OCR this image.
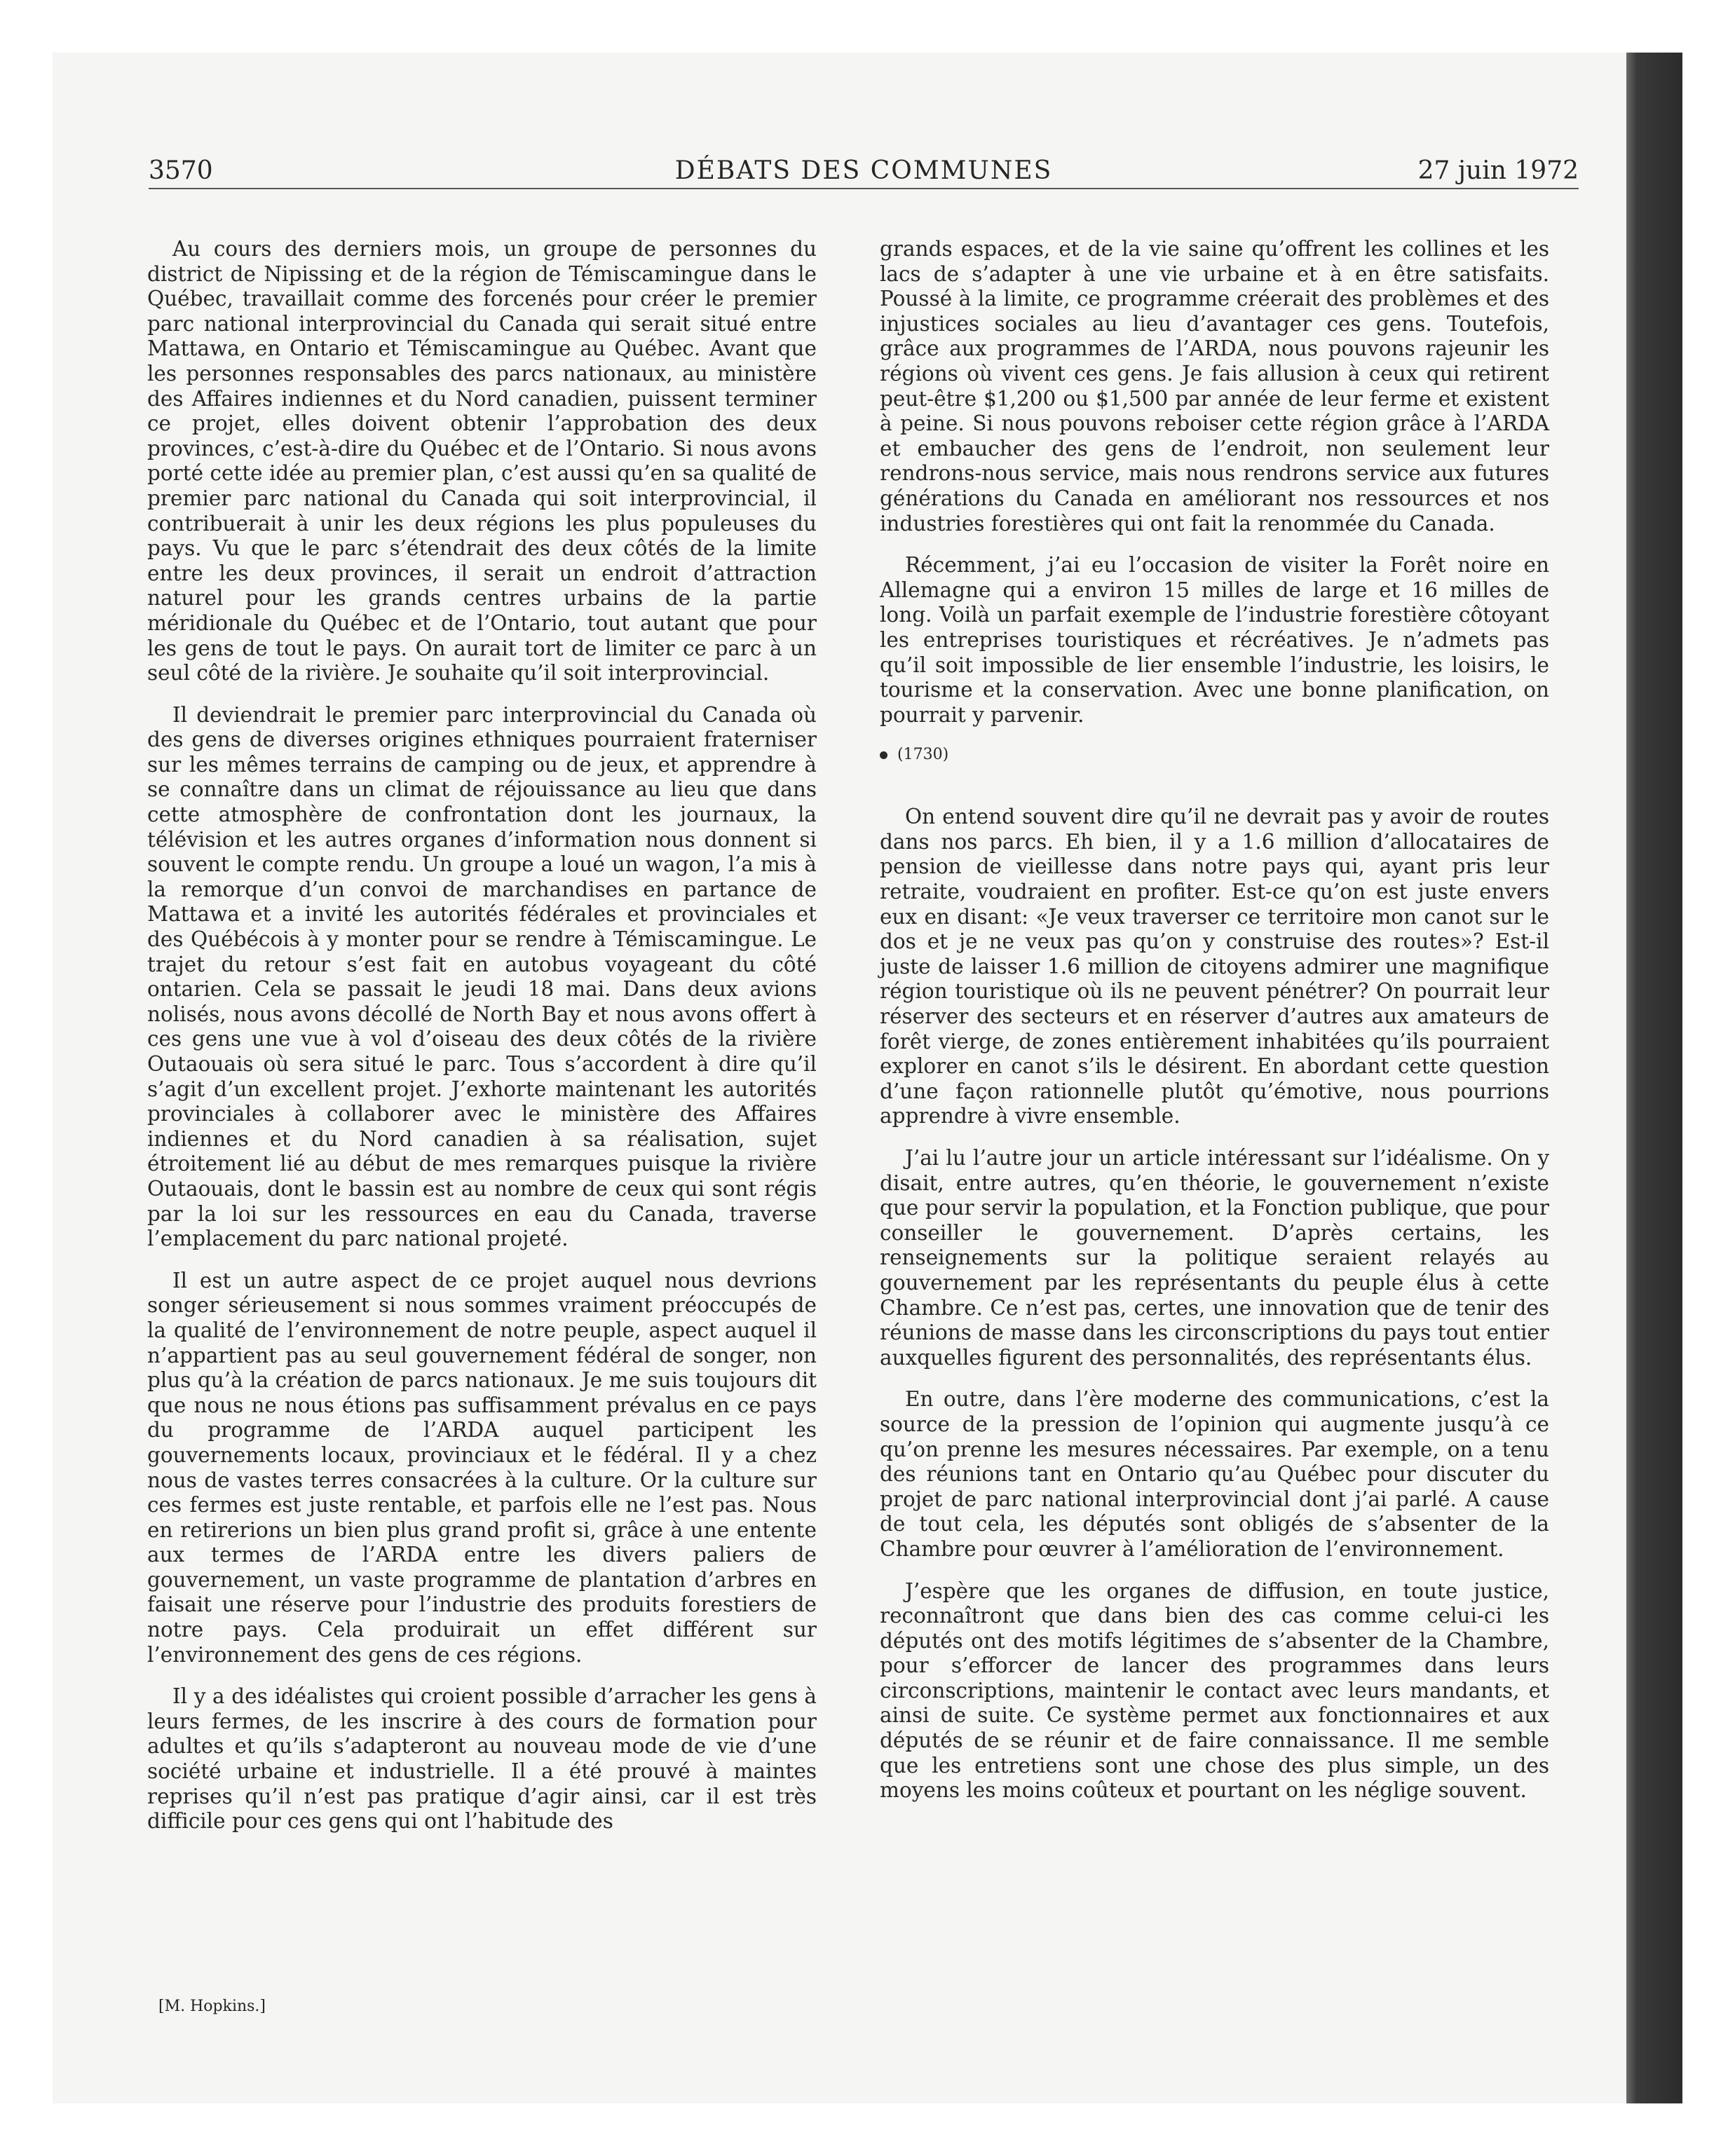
3570	DÉBATS DES COMMUNES	27 juin 1972

Au cours des derniers mois, un groupe de personnes du district de Nipissing et de la région de Témiscamingue dans le Québec, travaillait comme des forcenés pour créer le premier parc national interprovincial du Canada qui serait situé entre Mattawa, en Ontario et Témiscamingue au Québec. Avant que les personnes responsables des parcs nationaux, au ministère des Affaires indiennes et du Nord canadien, puissent terminer ce projet, elles doivent obtenir l’approbation des deux provinces, c’est-à-dire du Québec et de l’Ontario. Si nous avons porté cette idée au premier plan, c’est aussi qu’en sa qualité de premier parc national du Canada qui soit interprovincial, il contribuerait à unir les deux régions les plus populeuses du pays. Vu que le parc s’étendrait des deux côtés de la limite entre les deux provinces, il serait un endroit d’attraction naturel pour les grands centres urbains de la partie méridionale du Québec et de l’Ontario, tout autant que pour les gens de tout le pays. On aurait tort de limiter ce parc à un seul côté de la rivière. Je souhaite qu’il soit interprovincial.

Il deviendrait le premier parc interprovincial du Canada où des gens de diverses origines ethniques pourraient fraterniser sur les mêmes terrains de camping ou de jeux, et apprendre à se connaître dans un climat de réjouissance au lieu que dans cette atmosphère de confrontation dont les journaux, la télévision et les autres organes d’information nous donnent si souvent le compte rendu. Un groupe a loué un wagon, l’a mis à la remorque d’un convoi de marchandises en partance de Mattawa et a invité les autorités fédérales et provinciales et des Québécois à y monter pour se rendre à Témiscamingue. Le trajet du retour s’est fait en autobus voyageant du côté ontarien. Cela se passait le jeudi 18 mai. Dans deux avions nolisés, nous avons décollé de North Bay et nous avons offert à ces gens une vue à vol d’oiseau des deux côtés de la rivière Outaouais où sera situé le parc. Tous s’accordent à dire qu’il s’agit d’un excellent projet. J’exhorte maintenant les autorités provinciales à collaborer avec le ministère des Affaires indiennes et du Nord canadien à sa réalisation, sujet étroitement lié au début de mes remarques puisque la rivière Outaouais, dont le bassin est au nombre de ceux qui sont régis par la loi sur les ressources en eau du Canada, traverse l’emplacement du parc national projeté.

Il est un autre aspect de ce projet auquel nous devrions songer sérieusement si nous sommes vraiment préoccupés de la qualité de l’environnement de notre peuple, aspect auquel il n’appartient pas au seul gouvernement fédéral de songer, non plus qu’à la création de parcs nationaux. Je me suis toujours dit que nous ne nous étions pas suffisamment prévalus en ce pays du programme de l’ARDA auquel participent les gouvernements locaux, provinciaux et le fédéral. Il y a chez nous de vastes terres consacrées à la culture. Or la culture sur ces fermes est juste rentable, et parfois elle ne l’est pas. Nous en retirerions un bien plus grand profit si, grâce à une entente aux termes de l’ARDA entre les divers paliers de gouvernement, un vaste programme de plantation d’arbres en faisait une réserve pour l’industrie des produits forestiers de notre pays. Cela produirait un effet différent sur l’environnement des gens de ces régions.

Il y a des idéalistes qui croient possible d’arracher les gens à leurs fermes, de les inscrire à des cours de formation pour adultes et qu’ils s’adapteront au nouveau mode de vie d’une société urbaine et industrielle. Il a été prouvé à maintes reprises qu’il n’est pas pratique d’agir ainsi, car il est très difficile pour ces gens qui ont l’habitude des

[M. Hopkins.]

grands espaces, et de la vie saine qu’offrent les collines et les lacs de s’adapter à une vie urbaine et à en être satisfaits. Poussé à la limite, ce programme créerait des problèmes et des injustices sociales au lieu d’avantager ces gens. Toutefois, grâce aux programmes de l’ARDA, nous pouvons rajeunir les régions où vivent ces gens. Je fais allusion à ceux qui retirent peut-être $1,200 ou $1,500 par année de leur ferme et existent à peine. Si nous pouvons reboiser cette région grâce à l’ARDA et embaucher des gens de l’endroit, non seulement leur rendrons-nous service, mais nous rendrons service aux futures générations du Canada en améliorant nos ressources et nos industries forestières qui ont fait la renommée du Canada.

Récemment, j’ai eu l’occasion de visiter la Forêt noire en Allemagne qui a environ 15 milles de large et 16 milles de long. Voilà un parfait exemple de l’industrie forestière côtoyant les entreprises touristiques et récréatives. Je n’admets pas qu’il soit impossible de lier ensemble l’industrie, les loisirs, le tourisme et la conservation. Avec une bonne planification, on pourrait y parvenir.

(1730)

On entend souvent dire qu’il ne devrait pas y avoir de routes dans nos parcs. Eh bien, il y a 1.6 million d’allocataires de pension de vieillesse dans notre pays qui, ayant pris leur retraite, voudraient en profiter. Est-ce qu’on est juste envers eux en disant: «Je veux traverser ce territoire mon canot sur le dos et je ne veux pas qu’on y construise des routes»? Est-il juste de laisser 1.6 million de citoyens admirer une magnifique région touristique où ils ne peuvent pénétrer? On pourrait leur réserver des secteurs et en réserver d’autres aux amateurs de forêt vierge, de zones entièrement inhabitées qu’ils pourraient explorer en canot s’ils le désirent. En abordant cette question d’une façon rationnelle plutôt qu’émotive, nous pourrions apprendre à vivre ensemble.

J’ai lu l’autre jour un article intéressant sur l’idéalisme. On y disait, entre autres, qu’en théorie, le gouvernement n’existe que pour servir la population, et la Fonction publique, que pour conseiller le gouvernement. D’après certains, les renseignements sur la politique seraient relayés au gouvernement par les représentants du peuple élus à cette Chambre. Ce n’est pas, certes, une innovation que de tenir des réunions de masse dans les circonscriptions du pays tout entier auxquelles figurent des personnalités, des représentants élus.

En outre, dans l’ère moderne des communications, c’est la source de la pression de l’opinion qui augmente jusqu’à ce qu’on prenne les mesures nécessaires. Par exemple, on a tenu des réunions tant en Ontario qu’au Québec pour discuter du projet de parc national interprovincial dont j’ai parlé. A cause de tout cela, les députés sont obligés de s’absenter de la Chambre pour œuvrer à l’amélioration de l’environnement.

J’espère que les organes de diffusion, en toute justice, reconnaîtront que dans bien des cas comme celui-ci les députés ont des motifs légitimes de s’absenter de la Chambre, pour s’efforcer de lancer des programmes dans leurs circonscriptions, maintenir le contact avec leurs mandants, et ainsi de suite. Ce système permet aux fonctionnaires et aux députés de se réunir et de faire connaissance. Il me semble que les entretiens sont une chose des plus simple, un des moyens les moins coûteux et pourtant on les néglige souvent.
